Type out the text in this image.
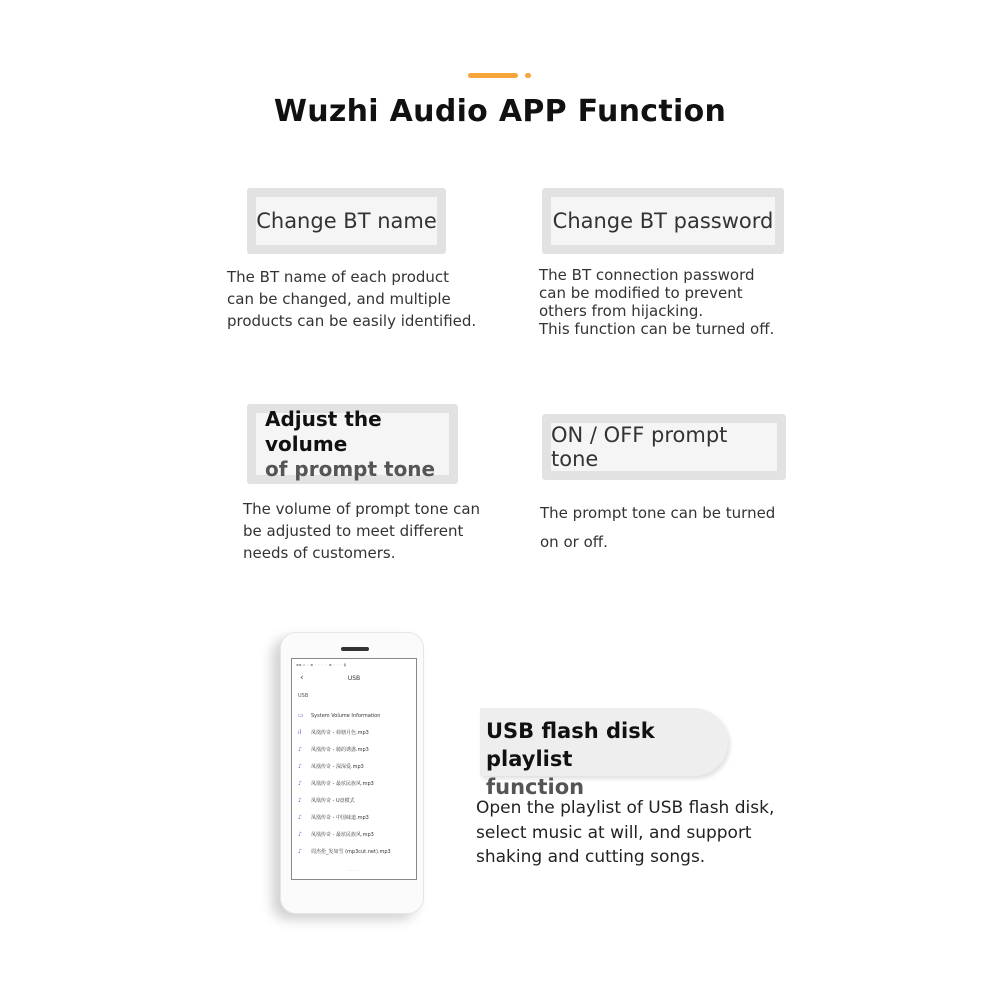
Wuzhi Audio APP Function
Change BT name
The BT name of each product
can be changed, and multiple
products can be easily identified.
Change BT password
The BT connection password
can be modified to prevent
others from hijacking.
This function can be turned off.
Adjust the volume
of prompt tone
The volume of prompt tone can
be adjusted to meet different
needs of customers.
ON / OFF prompt tone
The prompt tone can be turned
on or off.
▪▪ ▫ ◦ ▪ ◦ ◦ ◦ ◦ ▪ ◦ ◦ ◦ ▮
‹	USB
USB
▭	System Volume Information
ıl	凤凰传奇 - 荷塘月色.mp3
♪	凤凰传奇 - 骑的诱惑.mp3
♪	凤凰传奇 - 深深爱.mp3
♪	凤凰传奇 - 最炫民族风.mp3
♪	凤凰传奇 - U盘模式
♪	凤凰传奇 - 中国味道.mp3
♪	凤凰传奇 - 最炫民族风.mp3
♪	周杰伦_发如雪 (mp3cut.net).mp3
· · · · ·
USB flash disk playlist
function
Open the playlist of USB flash disk,
select music at will, and support
shaking and cutting songs.
